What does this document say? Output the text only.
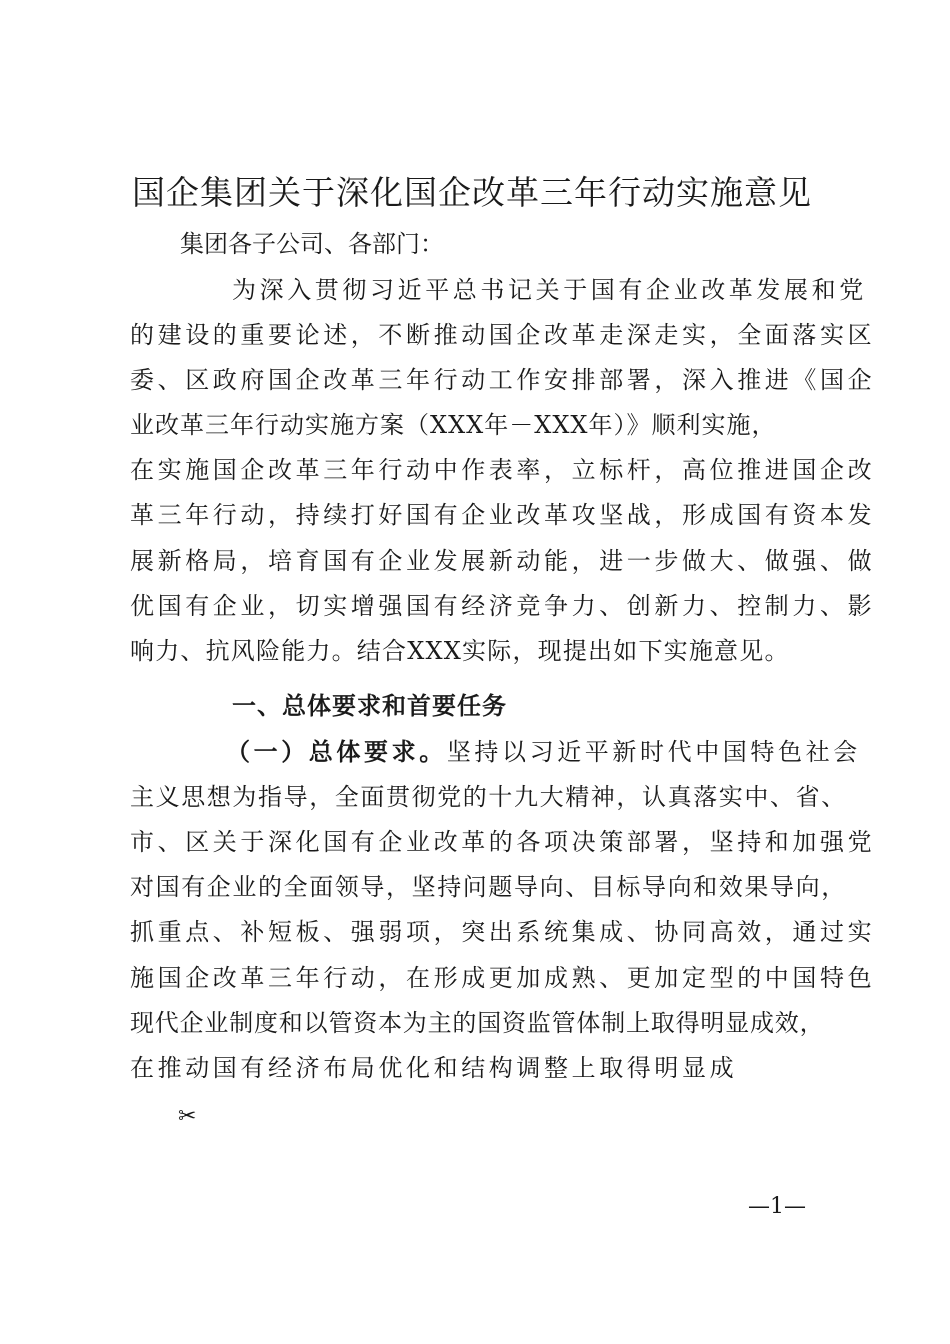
国企集团关于深化国企改革三年行动实施意见
集团各子公司、各部门：
为深入贯彻习近平总书记关于国有企业改革发展和党
的建设的重要论述，不断推动国企改革走深走实，全面落实区
委、区政府国企改革三年行动工作安排部署，深入推进《国企
业改革三年行动实施方案（XXX年－XXX年）》顺利实施，
在实施国企改革三年行动中作表率，立标杆，高位推进国企改
革三年行动，持续打好国有企业改革攻坚战，形成国有资本发
展新格局，培育国有企业发展新动能，进一步做大、做强、做
优国有企业，切实增强国有经济竞争力、创新力、控制力、影
响力、抗风险能力。结合XXX实际，现提出如下实施意见。
一、总体要求和首要任务
（一）总体要求。坚持以习近平新时代中国特色社会
主义思想为指导，全面贯彻党的十九大精神，认真落实中、省、
市、区关于深化国有企业改革的各项决策部署，坚持和加强党
对国有企业的全面领导，坚持问题导向、目标导向和效果导向，
抓重点、补短板、强弱项，突出系统集成、协同高效，通过实
施国企改革三年行动，在形成更加成熟、更加定型的中国特色
现代企业制度和以管资本为主的国资监管体制上取得明显成效，
在推动国有经济布局优化和结构调整上取得明显成
✂
—1—
